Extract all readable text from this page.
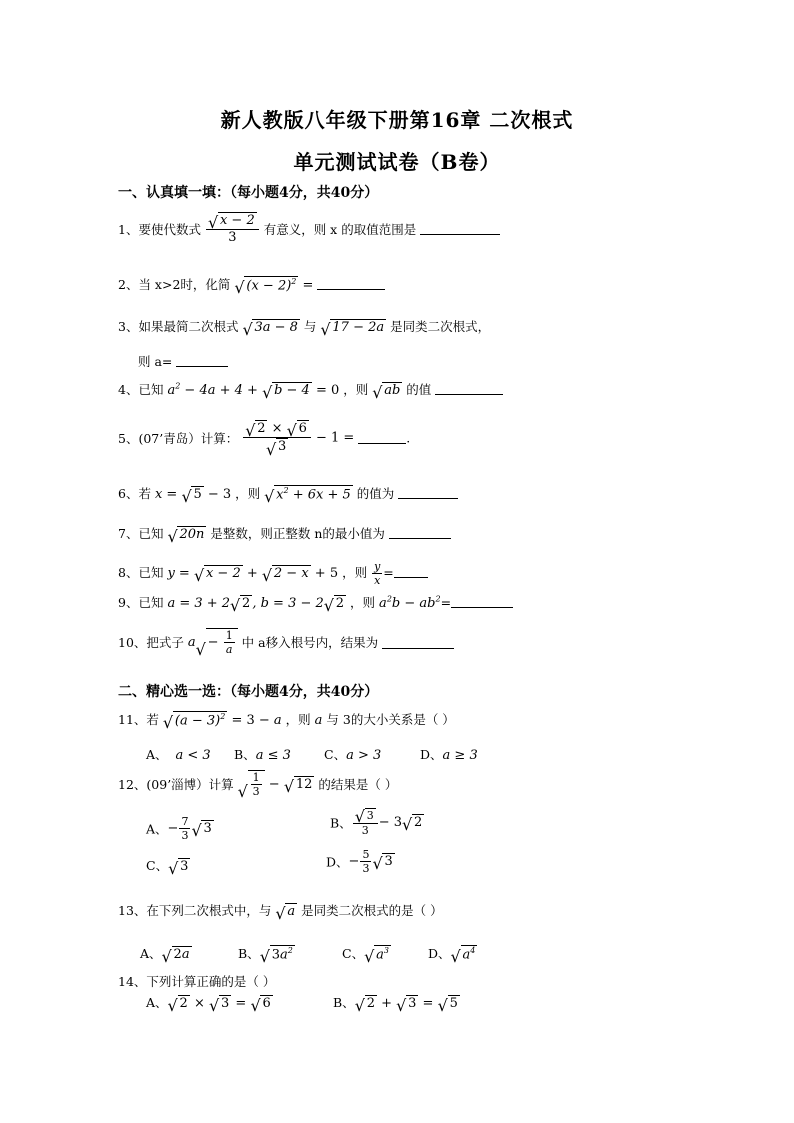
新人教版八年级下册第16章 二次根式
单元测试试卷（B卷）
一、认真填一填：（每小题4分，共40分）
1、要使代数式
√ $\frac{x - 2}{3}$ 有意义，则 x 的取值范围是
2、当 x>2时，化简 √ $(x - 2)^2$ =
3、如果最简二次根式 √ 3a − 8 与 √ 17 − 2a 是同类二次根式，
则 a=
4、已知 $a^2 - 4a + 4$ + √ b − 4 = 0 ，则 √ ab 的值
5、(07’青岛）计算：
√ 2 × √ 6
√ 3 − 1 =	.
6、若 x = √ 5 − 3 ，则 √ $x^2 + 6x + 5$ 的值为
7、已知 √ 20n 是整数，则正整数 n的最小值为
8、已知 y = √ x − 2 + √ 2 − x + 5 ，则 $\frac{y}{x}$ =
9、已知 a = 3 + 2√ 2 , b = 3 − 2√ 2 ，则 $a^2b - ab^2=$
10、把式子 $a√ - \frac{1}{a}$ 中 a移入根号内，结果为
二、精心选一选：（每小题4分，共40分）
11、若 √ $(a - 3)^2 = 3 - a$ ，则 a 与 3的大小关系是（ ）
A、 a < 3 B、a ≤ 3	C、a > 3	D、a ≥ 3
12、(09’淄博）计算
√ $\frac{1}{3}$ − √ 12 的结果是（ ）
A、− $\frac{7}{3}$
√ 3	B、
√ $\frac{3}{3} - 3√$ 2
C、√ 3	D、− $\frac{5}{3}$
√ 3
13、在下列二次根式中，与 √ a 是同类二次根式的是（ ）
A、√ 2a	B、√ $3a^2$	C、√ $a^3$	D、√ $a^4$
14、下列计算正确的是（ ）
A、√ 2 × √ 3 = √ 6	B、√ 2 + √ 3 = √ 5
